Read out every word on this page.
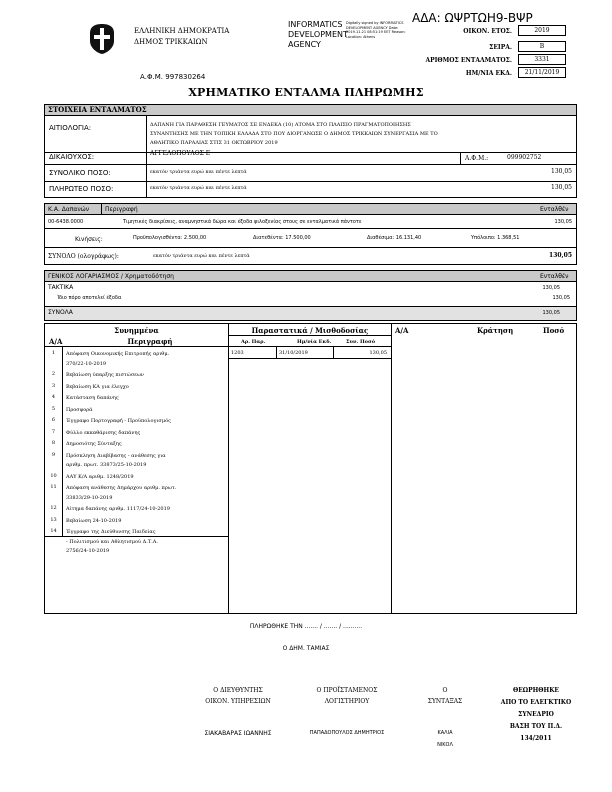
ΑΔΑ: ΩΨΡΤΩΗ9-ΒΨΡ
ΕΛΛΗΝΙΚΗ ΔΗΜΟΚΡΑΤΙΑ
ΔΗΜΟΣ ΤΡΙΚΚΑΙΩΝ
Α.Φ.Μ. 997830264
INFORMATICS DEVELOPMENT AGENCY
Digitally signed by INFORMATICS DEVELOPMENT AGENCY Date: 2019.11.21 08:51:19 EET Reason: Location: Athens
ΟΙΚΟΝ. ΕΤΟΣ.	2019
ΣΕΙΡΑ.	Β
ΑΡΙΘΜΟΣ ΕΝΤΑΛΜΑΤΟΣ.	3331
ΗΜ/ΝΙΑ ΕΚΔ.	21/11/2019
ΧΡΗΜΑΤΙΚΟ ΕΝΤΑΛΜΑ ΠΛΗΡΩΜΗΣ
ΣΤΟΙΧΕΙΑ ΕΝΤΑΛΜΑΤΟΣ
ΑΙΤΙΟΛΟΓΙΑ:	ΔΑΠΑΝΗ ΓΙΑ ΠΑΡΑΘΕΣΗ ΓΕΥΜΑΤΟΣ ΣΕ ΕΝΔΕΚΑ (10) ΑΤΟΜΑ ΣΤΟ ΠΛΑΙΣΙΟ ΠΡΑΓΜΑΤΟΠΟΙΗΣΗΣ
ΣΥΝΑΝΤΗΣΗΣ ΜΕ ΤΗΝ ΤΟΠΙΚΗ ΕΛΛΑΔΑ ΣΤΟ ΠΟΥ ΔΙΟΡΓΑΝΩΣΕ Ο ΔΗΜΟΣ ΤΡΙΚΚΑΙΩΝ ΣΥΝΕΡΓΑΣΙΑ ΜΕ ΤΟ
ΑΘΛΗΤΙΚΟ ΠΑΡΑΛΙΑΣ ΣΤΙΣ 31 ΟΚΤΩΒΡΙΟΥ 2019
ΔΙΚΑΙΟΥΧΟΣ:	ΑΓΓΕΛΟΠΟΥΛΟΣ Ε
Α.Φ.Μ.:	099902752
ΣΥΝΟΛΙΚΟ ΠΟΣΟ:	εκατόν τριάντα ευρώ και πέντε λεπτά	130,05
ΠΛΗΡΩΤΕΟ ΠΟΣΟ:	εκατόν τριάντα ευρώ και πέντε λεπτά	130,05
Κ.Α. Δαπανών	Περιγραφή	Ενταλθέν
00-6438.0000	Τιμητικές διακρίσεις, αναμνηστικά δώρα και έξοδα φιλοξενίας στους σε ενταλματικά πάντοτε	130,05
Κινήσεις:	Προϋπολογισθέντα: 2.500,00	Διατεθέντα: 17.500,00	Διαθέσιμα: 16.131,40	Υπόλοιπο: 1.368,51
ΣΥΝΟΛΟ (ολογράφως):	εκατόν τριάντα ευρώ και πέντε λεπτά	130,05
ΓΕΝΙΚΟΣ ΛΟΓΑΡΙΑΣΜΟΣ / Χρηματοδότηση	Ενταλθέν
ΤΑΚΤΙΚΑ	130,05
Ίδιο πόρο αποτελεί έξοδα	130,05
ΣΥΝΟΛΑ	130,05
Συνημμένα
Α/Α	Περιγραφή
1	Απόφαση Οικονομικής Επιτροπής αριθμ.
370/22-10-2019
2	Βεβαίωση ύπαρξης πιστώσεων
3	Βεβαίωση ΚΑ για έλεγχο
4	Κατάσταση δαπάνης
5	Προσφορά
6	Έγγραφο Πορτογραφή - Προϋπολογισμός
7	Φύλλο εκκαθάρισης δαπάνης
8	Δημοσιότης Σύνταξης
9	Πρόσκληση Διαβίβασης - ανάθεσης για
αριθμ. πρωτ. 33873/25-10-2019
10	ΑΑΥ Κ/Α αριθμ. 1248/2019
11	Απόφαση ανάθεσης Δημάρχου αριθμ. πρωτ.
33833/29-10-2019
12	Αίτημα δαπάνης αριθμ. 1117/24-10-2019
13	Βεβαίωση 24-10-2019
14	Έγγραφο της Διεύθυνσης Παιδείας
- Πολιτισμού και Αθλητισμού Δ.Τ.Α.
2756/24-10-2019
Παραστατικά / Μισθοδοσίας
Αρ. Παρ.	Ημ/νία Εκδ.	Συν. Ποσό
1203	31/10/2019	130,05
Α/Α	Κράτηση	Ποσό
ΠΛΗΡΩΘΗΚΕ ΤΗΝ ....... / ....... / ..........
Ο ΔΗΜ. ΤΑΜΙΑΣ
Ο ΔΙΕΥΘΥΝΤΗΣ
ΟΙΚΟΝ. ΥΠΗΡΕΣΙΩΝ
ΣΙΑΚΑΒΑΡΑΣ ΙΩΑΝΝΗΣ
Ο ΠΡΟΪΣΤΑΜΕΝΟΣ
ΛΟΓΙΣΤΗΡΙΟΥ
ΠΑΠΑΔΟΠΟΥΛΟΣ ΔΗΜΗΤΡΙΟΣ
Ο
ΣΥΝΤΑΞΑΣ
ΚΑΛΙΑ
ΝΙΚΟΛ
ΘΕΩΡΗΘΗΚΕ
ΑΠΟ ΤΟ ΕΛΕΓΚΤΙΚΟ
ΣΥΝΕΔΡΙΟ
ΒΑΣΗ ΤΟΥ Π.Δ.
134/2011
